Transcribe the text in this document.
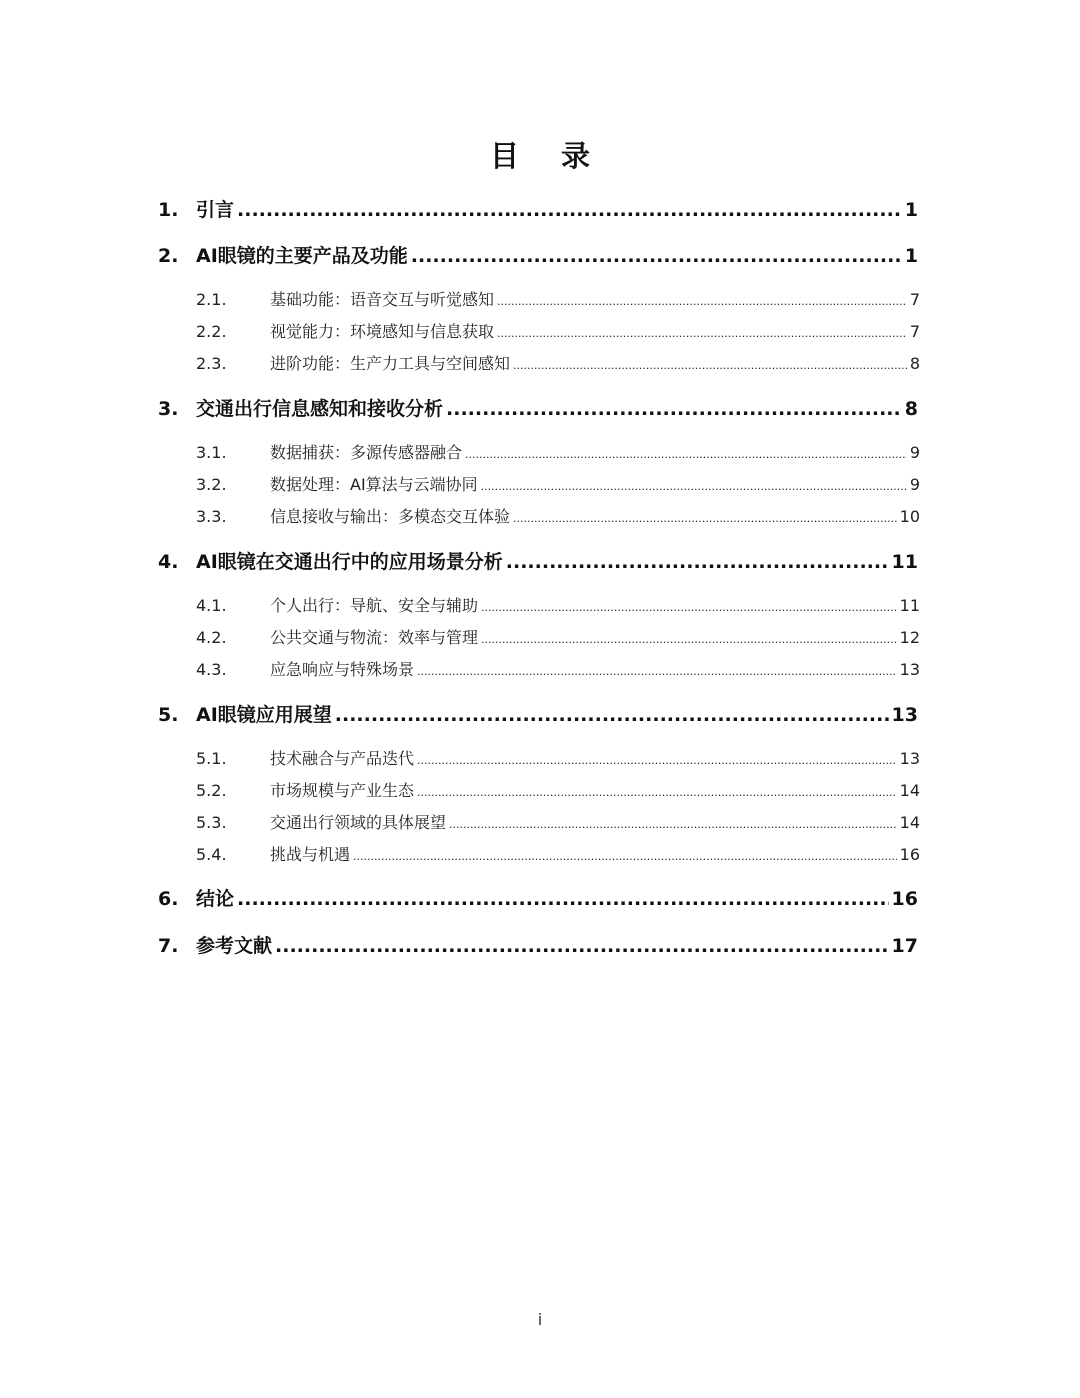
目 录
1. 引言 .....	1
2. AI眼镜的主要产品及功能 .....	1
2.1.	基础功能：语音交互与听觉感知 .....	7
2.2.	视觉能力：环境感知与信息获取 .....	7
2.3.	进阶功能：生产力工具与空间感知 .....	8
3. 交通出行信息感知和接收分析 .....	8
3.1.	数据捕获：多源传感器融合 .....	9
3.2.	数据处理：AI算法与云端协同 .....	9
3.3.	信息接收与输出：多模态交互体验 .....	10
4. AI眼镜在交通出行中的应用场景分析 .....	11
4.1.	个人出行：导航、安全与辅助 .....	11
4.2.	公共交通与物流：效率与管理 .....	12
4.3.	应急响应与特殊场景 .....	13
5. AI眼镜应用展望 .....	13
5.1.	技术融合与产品迭代 .....	13
5.2.	市场规模与产业生态 .....	14
5.3.	交通出行领域的具体展望 .....	14
5.4.	挑战与机遇 .....	16
6. 结论 .....	16
7. 参考文献 .....	17
i
